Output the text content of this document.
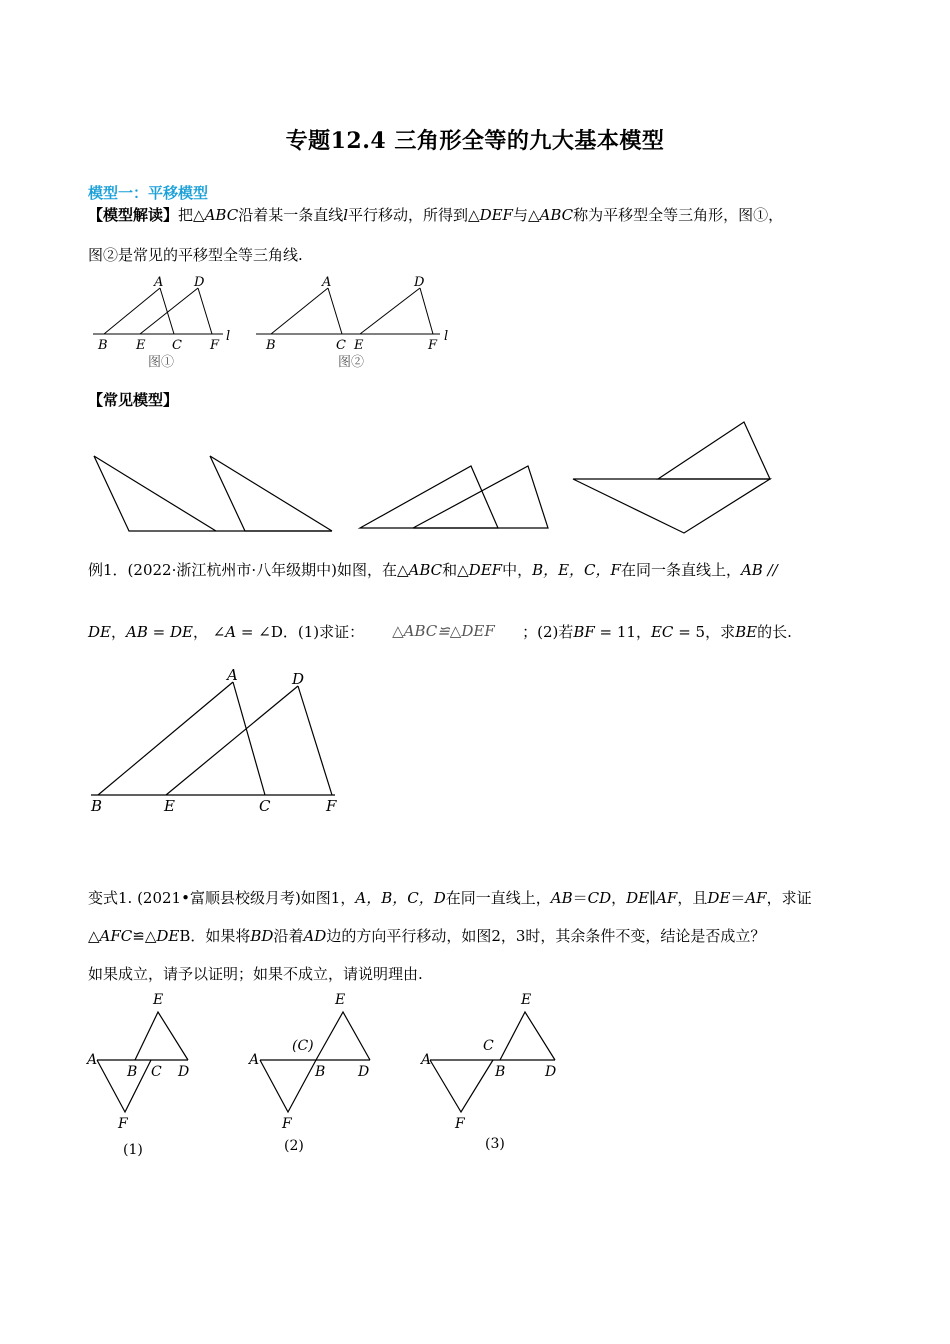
专题12.4 三角形全等的九大基本模型
模型一：平移模型
【模型解读】把△ABC沿着某一条直线l平行移动，所得到△DEF与△ABC称为平移型全等三角形，图①，
图②是常见的平移型全等三角线.
A D
B E C F
l
图①
A	D
B	C E	F
l
图②
【常见模型】
例1．(2022·浙江杭州市·八年级期中)如图，在△ABC和△DEF中，B，E，C，F在同一条直线上，AB //
DE，AB = DE， ∠A = ∠D．(1)求证： △ABC≌△DEF ；(2)若BF = 11，EC = 5，求BE的长.
A	D
B	E	C	F
变式1. (2021•富顺县校级月考)如图1，A，B，C，D在同一直线上，AB＝CD，DE∥AF，且DE＝AF，求证
△AFC≌△DEB．如果将BD沿着AD边的方向平行移动，如图2，3时，其余条件不变，结论是否成立？
如果成立，请予以证明；如果不成立，请说明理由.
E
A
B C D
F
E
A
(C)
B D
F
E
A
C
B	D
F
(1)	(2)	(3)
